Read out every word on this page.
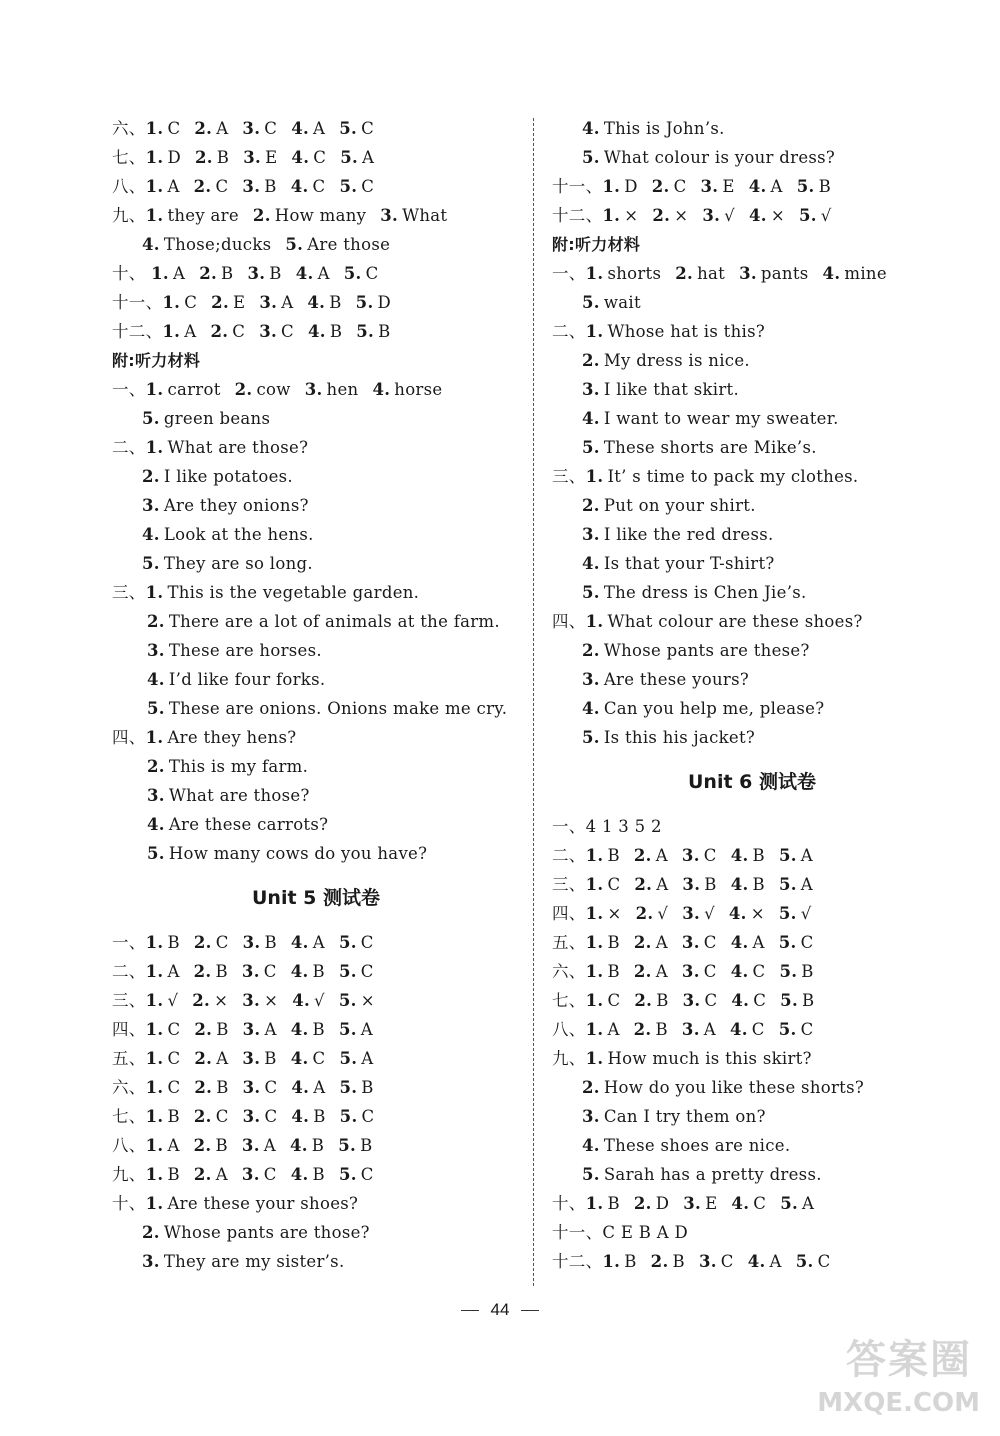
六、1. C 2. A 3. C 4. A 5. C
七、1. D 2. B 3. E 4. C 5. A
八、1. A 2. C 3. B 4. C 5. C
九、1. they are 2. How many 3. What
4. Those;ducks 5. Are those
十、 1. A 2. B 3. B 4. A 5. C
十一、1. C 2. E 3. A 4. B 5. D
十二、1. A 2. C 3. C 4. B 5. B
附:听力材料
一、1. carrot 2. cow 3. hen 4. horse
5. green beans
二、1. What are those?
2. I like potatoes.
3. Are they onions?
4. Look at the hens.
5. They are so long.
三、1. This is the vegetable garden.
2. There are a lot of animals at the farm.
3. These are horses.
4. I’d like four forks.
5. These are onions. Onions make me cry.
四、1. Are they hens?
2. This is my farm.
3. What are those?
4. Are these carrots?
5. How many cows do you have?
Unit 5 测试卷
一、1. B 2. C 3. B 4. A 5. C
二、1. A 2. B 3. C 4. B 5. C
三、1. √ 2. × 3. × 4. √ 5. ×
四、1. C 2. B 3. A 4. B 5. A
五、1. C 2. A 3. B 4. C 5. A
六、1. C 2. B 3. C 4. A 5. B
七、1. B 2. C 3. C 4. B 5. C
八、1. A 2. B 3. A 4. B 5. B
九、1. B 2. A 3. C 4. B 5. C
十、1. Are these your shoes?
2. Whose pants are those?
3. They are my sister’s.
4. This is John’s.
5. What colour is your dress?
十一、1. D 2. C 3. E 4. A 5. B
十二、1. × 2. × 3. √ 4. × 5. √
附:听力材料
一、1. shorts 2. hat 3. pants 4. mine
5. wait
二、1. Whose hat is this?
2. My dress is nice.
3. I like that skirt.
4. I want to wear my sweater.
5. These shorts are Mike’s.
三、1. It’ s time to pack my clothes.
2. Put on your shirt.
3. I like the red dress.
4. Is that your T-shirt?
5. The dress is Chen Jie’s.
四、1. What colour are these shoes?
2. Whose pants are these?
3. Are these yours?
4. Can you help me, please?
5. Is this his jacket?
Unit 6 测试卷
一、4 1 3 5 2
二、1. B 2. A 3. C 4. B 5. A
三、1. C 2. A 3. B 4. B 5. A
四、1. × 2. √ 3. √ 4. × 5. √
五、1. B 2. A 3. C 4. A 5. C
六、1. B 2. A 3. C 4. C 5. B
七、1. C 2. B 3. C 4. C 5. B
八、1. A 2. B 3. A 4. C 5. C
九、1. How much is this skirt?
2. How do you like these shorts?
3. Can I try them on?
4. These shoes are nice.
5. Sarah has a pretty dress.
十、1. B 2. D 3. E 4. C 5. A
十一、C E B A D
十二、1. B 2. B 3. C 4. A 5. C
44
答案圈
MXQE.COM
